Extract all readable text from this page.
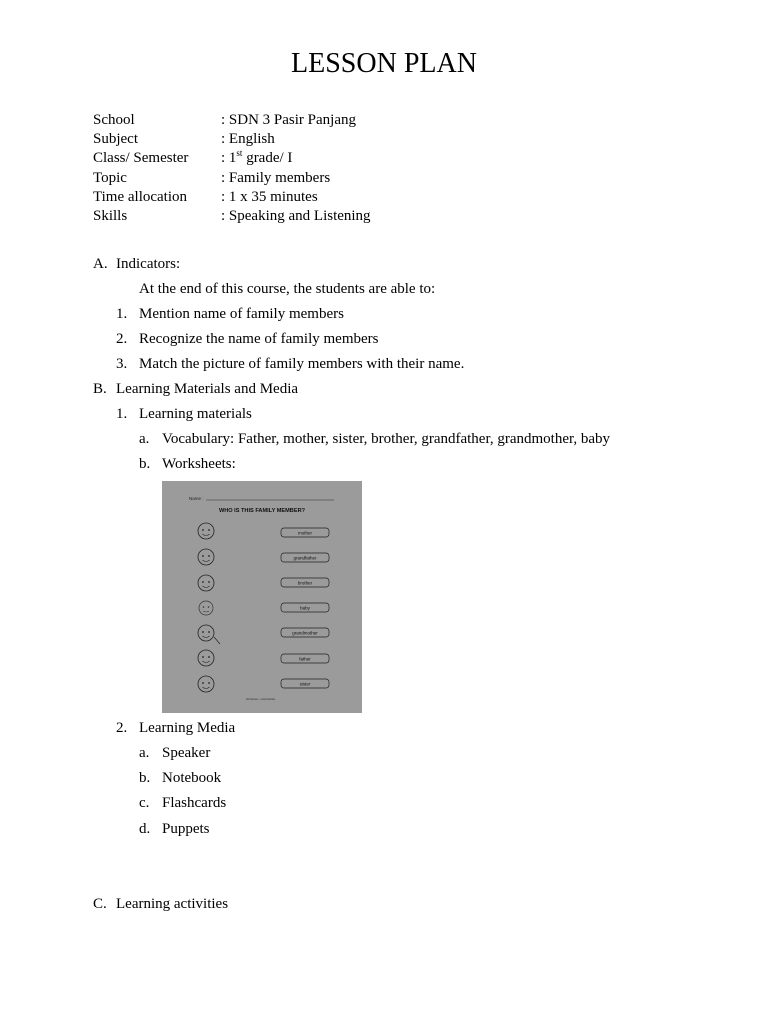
LESSON PLAN
School	: SDN 3 Pasir Panjang
Subject	: English
Class/ Semester : 1st grade/ I
Topic	: Family members
Time allocation : 1 x 35 minutes
Skills	: Speaking and Listening
A. Indicators:
At the end of this course, the students are able to:
1. Mention name of family members
2. Recognize the name of family members
3. Match the picture of family members with their name.
B. Learning Materials and Media
1. Learning materials
a. Vocabulary: Father, mother, sister, brother, grandfather, grandmother, baby
b. Worksheets:
Name :
WHO IS THIS FAMILY MEMBER?
mother
grandfather
brother
baby
grandmother
father
sister
Worksheet - eslprintables
2. Learning Media
a. Speaker
b. Notebook
c. Flashcards
d. Puppets
C. Learning activities
